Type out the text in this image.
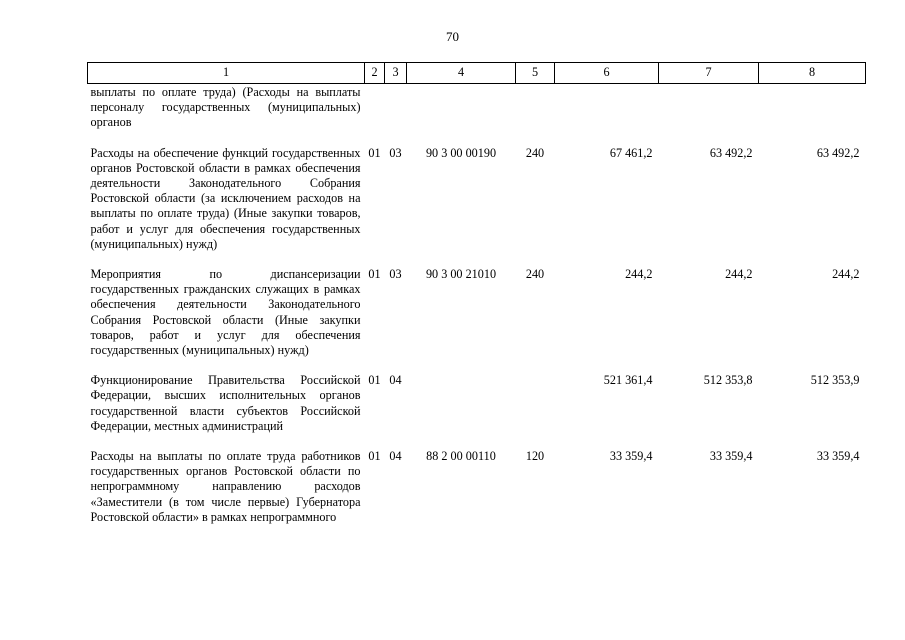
70
1	2	3	4	5	6	7	8
выплаты по оплате труда) (Расходы на выплаты персоналу государственных (муниципальных) органов							
Расходы на обеспечение функций государственных органов Ростовской области в рамках обеспечения деятельности Законодательного Собрания Ростовской области (за исключением расходов на выплаты по оплате труда) (Иные закупки товаров, работ и услуг для обеспечения государственных (муниципальных) нужд)	01	03	90 3 00 00190	240	67 461,2	63 492,2	63 492,2
Мероприятия по диспансеризации государственных гражданских служащих в рамках обеспечения деятельности Законодательного Собрания Ростовской области (Иные закупки товаров, работ и услуг для обеспечения государственных (муниципальных) нужд)	01	03	90 3 00 21010	240	244,2	244,2	244,2
Функционирование Правительства Российской Федерации, высших исполнительных органов государственной власти субъектов Российской Федерации, местных администраций	01	04			521 361,4	512 353,8	512 353,9
Расходы на выплаты по оплате труда работников государственных органов Ростовской области по непрограммному направлению расходов «Заместители (в том числе первые) Губернатора Ростовской области» в рамках непрограммного	01	04	88 2 00 00110	120	33 359,4	33 359,4	33 359,4
